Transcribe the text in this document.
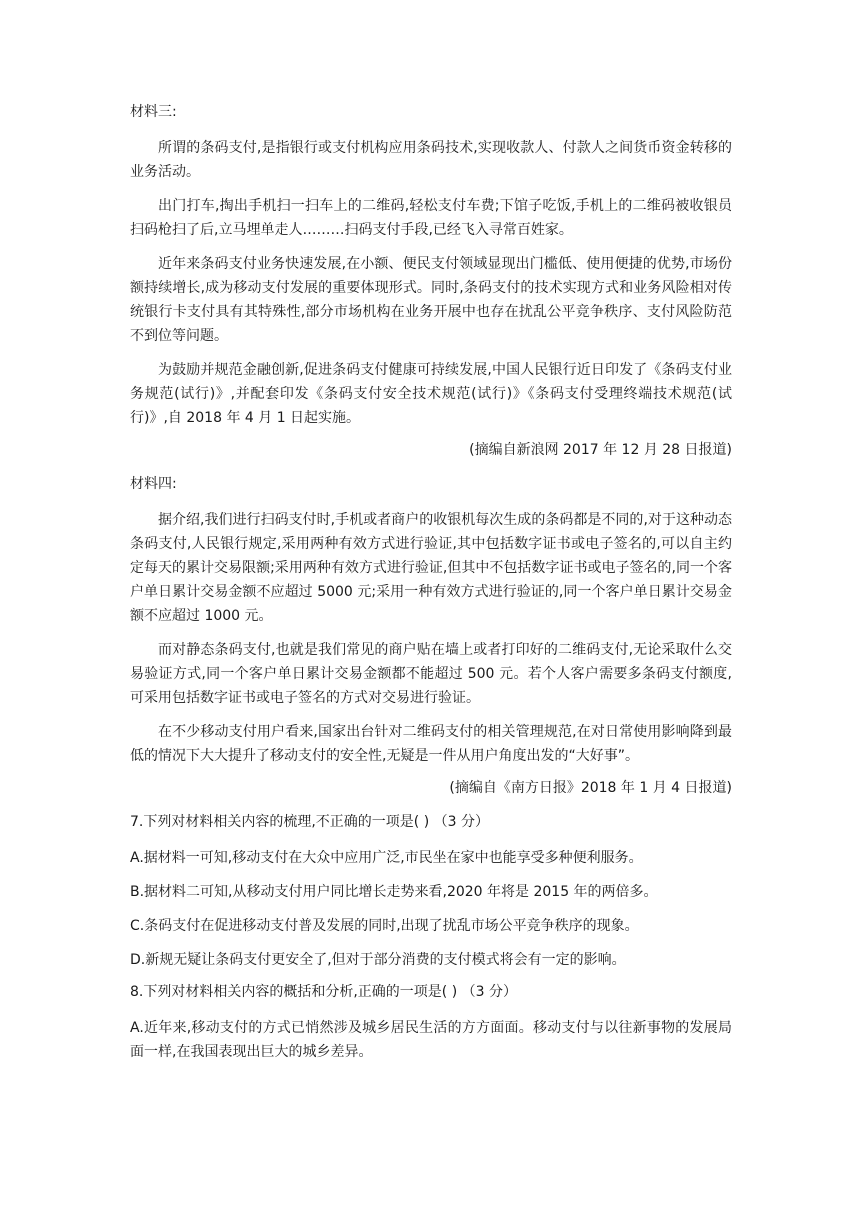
材料三:

所谓的条码支付,是指银行或支付机构应用条码技术,实现收款人、付款人之间货币资金转移的业务活动。

出门打车,掏出手机扫一扫车上的二维码,轻松支付车费;下馆子吃饭,手机上的二维码被收银员扫码枪扫了后,立马埋单走人………扫码支付手段,已经飞入寻常百姓家。

近年来条码支付业务快速发展,在小额、便民支付领域显现出门槛低、使用便捷的优势,市场份额持续增长,成为移动支付发展的重要体现形式。同时,条码支付的技术实现方式和业务风险相对传统银行卡支付具有其特殊性,部分市场机构在业务开展中也存在扰乱公平竞争秩序、支付风险防范不到位等问题。

为鼓励并规范金融创新,促进条码支付健康可持续发展,中国人民银行近日印发了《条码支付业务规范(试行)》,并配套印发《条码支付安全技术规范(试行)》《条码支付受理终端技术规范(试行)》,自 2018 年 4 月 1 日起实施。

(摘编自新浪网 2017 年 12 月 28 日报道)
材料四:

据介绍,我们进行扫码支付时,手机或者商户的收银机每次生成的条码都是不同的,对于这种动态条码支付,人民银行规定,采用两种有效方式进行验证,其中包括数字证书或电子签名的,可以自主约定每天的累计交易限额;采用两种有效方式进行验证,但其中不包括数字证书或电子签名的,同一个客户单日累计交易金额不应超过 5000 元;采用一种有效方式进行验证的,同一个客户单日累计交易金额不应超过 1000 元。

而对静态条码支付,也就是我们常见的商户贴在墙上或者打印好的二维码支付,无论采取什么交易验证方式,同一个客户单日累计交易金额都不能超过 500 元。若个人客户需要多条码支付额度,可采用包括数字证书或电子签名的方式对交易进行验证。

在不少移动支付用户看来,国家出台针对二维码支付的相关管理规范,在对日常使用影响降到最低的情况下大大提升了移动支付的安全性,无疑是一件从用户角度出发的“大好事”。

(摘编自《南方日报》2018 年 1 月 4 日报道)
7.下列对材料相关内容的梳理,不正确的一项是( ) （3 分）

A.据材料一可知,移动支付在大众中应用广泛,市民坐在家中也能享受多种便利服务。

B.据材料二可知,从移动支付用户同比增长走势来看,2020 年将是 2015 年的两倍多。

C.条码支付在促进移动支付普及发展的同时,出现了扰乱市场公平竞争秩序的现象。

D.新规无疑让条码支付更安全了,但对于部分消费的支付模式将会有一定的影响。

8.下列对材料相关内容的概括和分析,正确的一项是( ) （3 分）

A.近年来,移动支付的方式已悄然涉及城乡居民生活的方方面面。移动支付与以往新事物的发展局面一样,在我国表现出巨大的城乡差异。
